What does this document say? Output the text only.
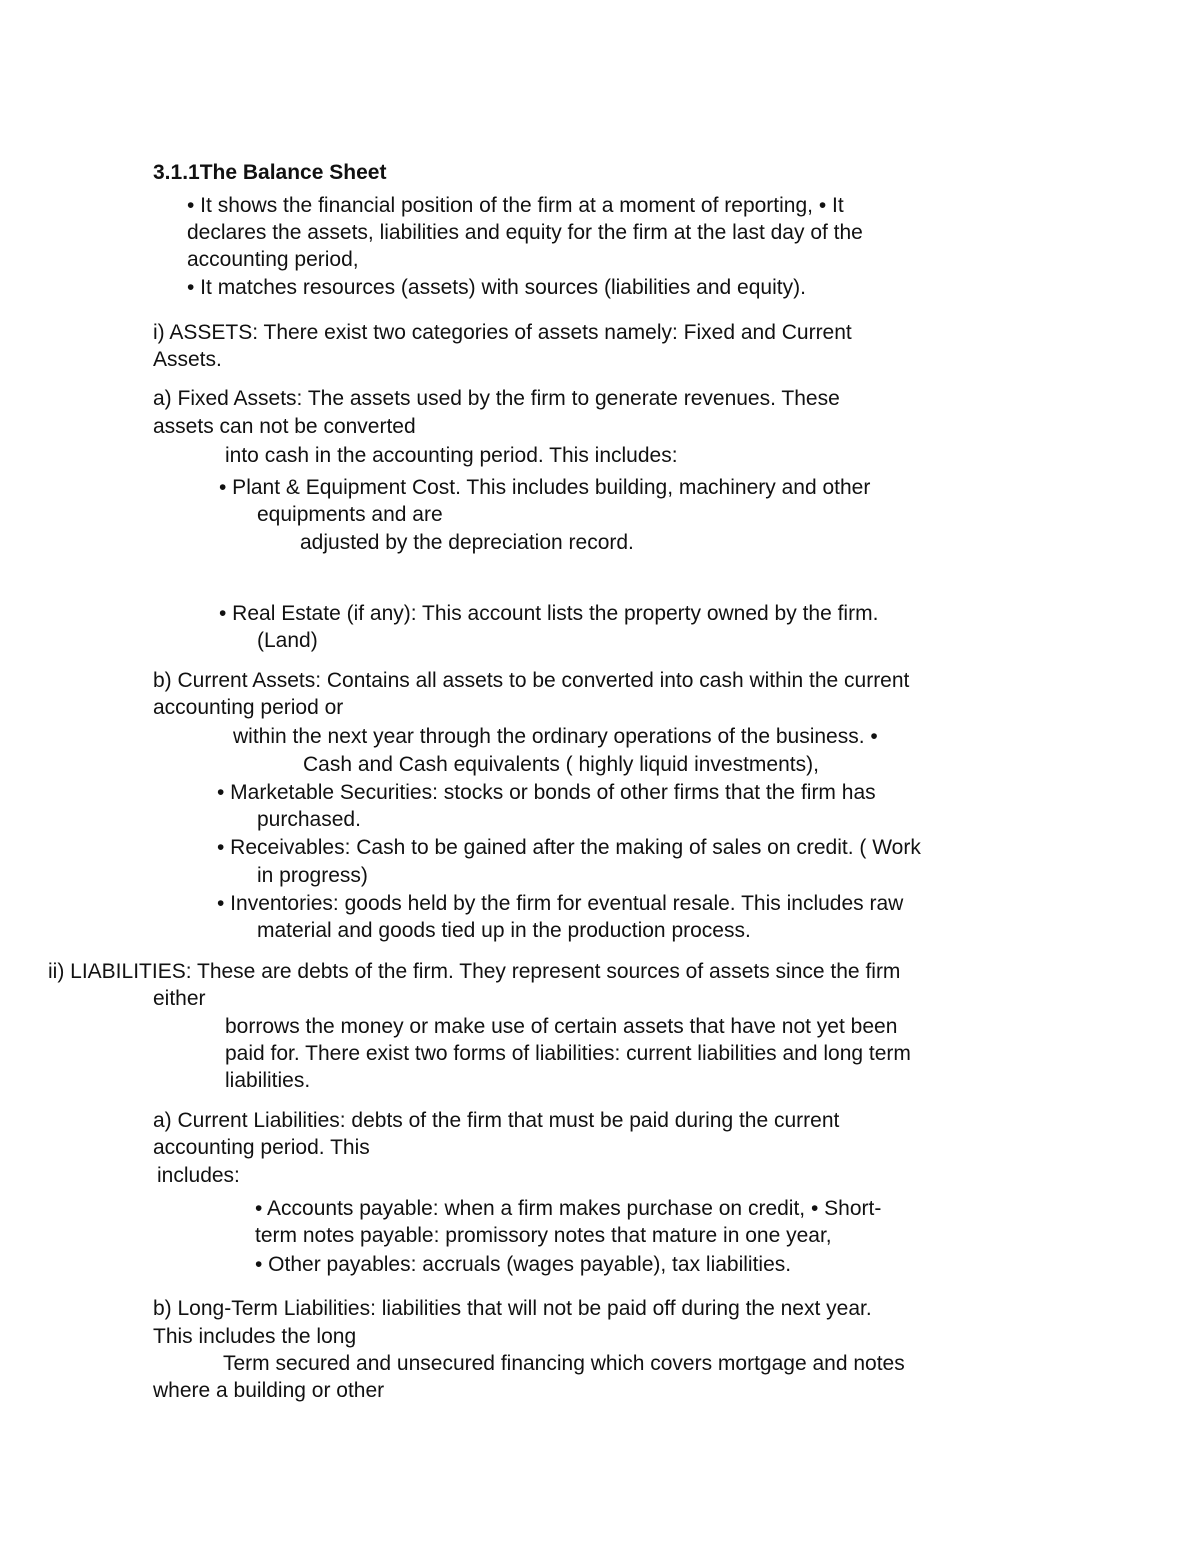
3.1.1The Balance Sheet
• It shows the financial position of the firm at a moment of reporting, • It
declares the assets, liabilities and equity for the firm at the last day of the
accounting period,
• It matches resources (assets) with sources (liabilities and equity).
i) ASSETS: There exist two categories of assets namely: Fixed and Current
Assets.
a) Fixed Assets: The assets used by the firm to generate revenues. These
assets can not be converted
into cash in the accounting period. This includes:
• Plant & Equipment Cost. This includes building, machinery and other
equipments and are
adjusted by the depreciation record.
• Real Estate (if any): This account lists the property owned by the firm.
(Land)
b) Current Assets: Contains all assets to be converted into cash within the current
accounting period or
within the next year through the ordinary operations of the business. •
Cash and Cash equivalents ( highly liquid investments),
• Marketable Securities: stocks or bonds of other firms that the firm has
purchased.
• Receivables: Cash to be gained after the making of sales on credit. ( Work
in progress)
• Inventories: goods held by the firm for eventual resale. This includes raw
material and goods tied up in the production process.
ii) LIABILITIES: These are debts of the firm. They represent sources of assets since the firm
either
borrows the money or make use of certain assets that have not yet been
paid for. There exist two forms of liabilities: current liabilities and long term
liabilities.
a) Current Liabilities: debts of the firm that must be paid during the current
accounting period. This
includes:
• Accounts payable: when a firm makes purchase on credit, • Short-
term notes payable: promissory notes that mature in one year,
• Other payables: accruals (wages payable), tax liabilities.
b) Long-Term Liabilities: liabilities that will not be paid off during the next year.
This includes the long
Term secured and unsecured financing which covers mortgage and notes
where a building or other
